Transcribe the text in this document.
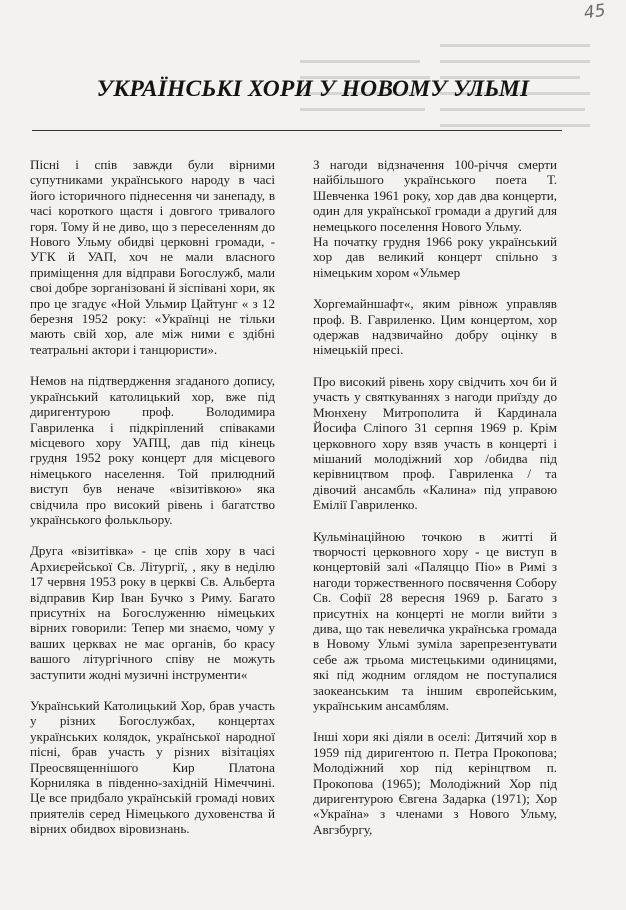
45
УКРАЇНСЬКІ ХОРИ У НОВОМУ УЛЬМІ

Пісні і спів завжди були вірними супутниками українського народу в часі його історичного піднесення чи занепаду, в часі короткого щастя і довгого тривалого горя. Тому й не диво, що з переселенням до Нового Ульму обидві церковні громади, - УГК й УАП, хоч не мали власного приміщення для відправи Богослужб, мали своі добре зорганізовані й зіспівані хори, як про це згадує «Ной Ульмир Цайтунг « з 12 березня 1952 року: «Українці не тільки мають свій хор, але між ними є здібні театральні актори і танцюристи».

Немов на підтвердження згаданого допису, український католицький хор, вже під диригентурою проф. Володимира Гавриленка і підкріплений співаками місцевого хору УАПЦ, дав під кінець грудня 1952 року концерт для місцевого німецького населення. Той прилюдний виступ був неначе «візитівкою» яка свідчила про високий рівень і багатство українського фолькльору.

Друга «візитівка» - це спів хору в часі Архиєрейської Св. Літургії, , яку в неділю 17 червня 1953 року в церкві Св. Альберта відправив Кир Іван Бучко з Риму. Багато присутніх на Богослуженню німецьких вірних говорили: Тепер ми знаємо, чому у ваших церквах не має органів, бо красу вашого літургічного співу не можуть заступити жодні музичні інструменти«

Український Католицький Хор, брав участь у різних Богослужбах, концертах українських колядок, української народної пісні, брав участь у різних візітаціях Преосвященнішого Кир Платона Корниляка в південно-західній Німеччині. Це все придбало українській громаді нових приятелів серед Німецького духовенства й вірних обидвох віровизнань.

З нагоди відзначення 100-річчя смерти найбільшого українського поета Т. Шевченка 1961 року, хор дав два концерти, один для української громади а другий для немецького поселення Нового Ульму.

На початку грудня 1966 року український хор дав великий концерт спільно з німецьким хором «Ульмер

Хоргемайншафт«, яким рівнож управляв проф. В. Гавриленко. Цим концертом, хор одержав надзвичайно добру оцінку в німецькій пресі.

Про високий рівень хору свідчить хоч би й участь у святкуваннях з нагоди приїзду до Мюнхену Митрополита й Кардинала Йосифа Сліпого 31 серпня 1969 р. Крім церковного хору взяв участь в концерті і мішаний молодіжний хор /обидва під керівництвом проф. Гавриленка / та дівочий ансамбль «Калина» під управою Емілії Гавриленко.

Кульмінаційною точкою в житті й творчості церковного хору - це виступ в концертовій залі «Паляццо Піо» в Римі з нагоди торжественного посвячення Собору Св. Софії 28 вересня 1969 р. Багато з присутніх на концерті не могли вийти з дива, що так невеличка українська громада в Новому Ульмі зуміла зарепрезентувати себе аж трьома мистецькими одиницями, які під жодним оглядом не поступалися заокеанським та іншим європейським, українським ансамблям.

Інші хори які діяли в оселі: Дитячий хор в 1959 під диригентою п. Петра Прокопова; Молодіжний хор під керінцтвом п. Прокопова (1965); Молодіжний Хор під диригентурою Євгена Задарка (1971); Хор «Україна» з членами з Нового Ульму, Авгзбургу,
